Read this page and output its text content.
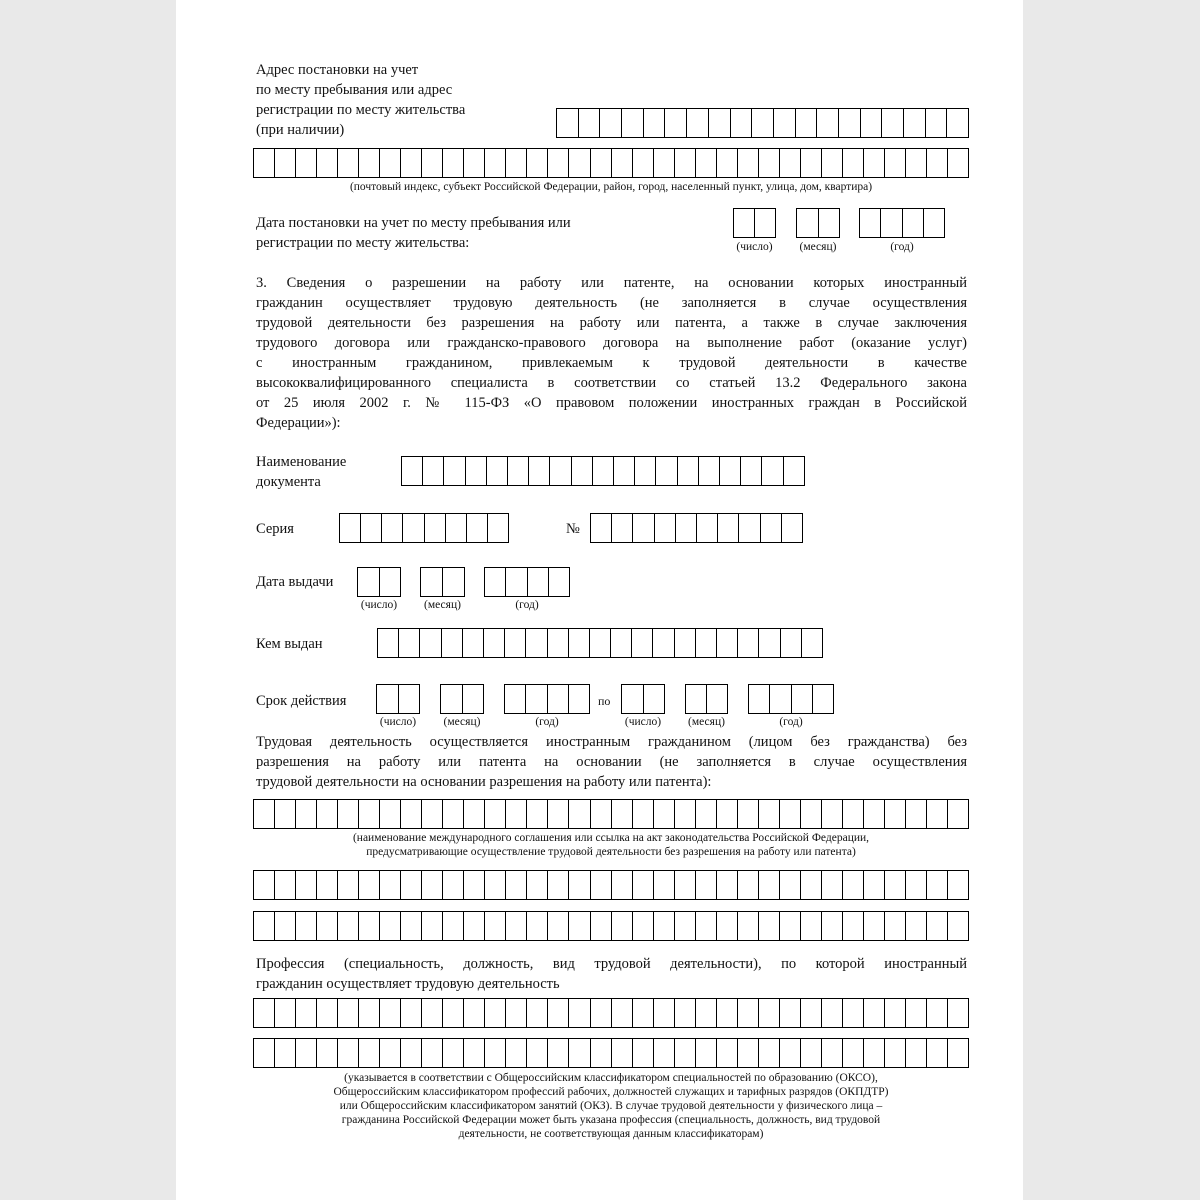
Адрес постановки на учет
по месту пребывания или адрес
регистрации по месту жительства
(при наличии)
(почтовый индекс, субъект Российской Федерации, район, город, населенный пункт, улица, дом, квартира)
Дата постановки на учет по месту пребывания или
регистрации по месту жительства:	(число)	(месяц)	(год)
3. Сведения о разрешении на работу или патенте, на основании которых иностранный
гражданин осуществляет трудовую деятельность (не заполняется в случае осуществления
трудовой деятельности без разрешения на работу или патента, а также в случае заключения
трудового договора или гражданско-правового договора на выполнение работ (оказание услуг)
с иностранным гражданином, привлекаемым к трудовой деятельности в качестве
высококвалифицированного специалиста в соответствии со статьей 13.2 Федерального закона
от 25 июля 2002 г. № 115-ФЗ «О правовом положении иностранных граждан в Российской
Федерации»):
Наименование
документа
Серия	№
Дата выдачи
(число)	(месяц)	(год)
Кем выдан
Срок действия	по
(число)	(месяц)	(год)	(число)	(месяц)	(год)
Трудовая деятельность осуществляется иностранным гражданином (лицом без гражданства) без
разрешения на работу или патента на основании (не заполняется в случае осуществления
трудовой деятельности на основании разрешения на работу или патента):
(наименование международного соглашения или ссылка на акт законодательства Российской Федерации,
предусматривающие осуществление трудовой деятельности без разрешения на работу или патента)
Профессия (специальность, должность, вид трудовой деятельности), по которой иностранный
гражданин осуществляет трудовую деятельность
(указывается в соответствии с Общероссийским классификатором специальностей по образованию (ОКСО),
Общероссийским классификатором профессий рабочих, должностей служащих и тарифных разрядов (ОКПДТР)
или Общероссийским классификатором занятий (ОКЗ). В случае трудовой деятельности у физического лица –
гражданина Российской Федерации может быть указана профессия (специальность, должность, вид трудовой
деятельности, не соответствующая данным классификаторам)
